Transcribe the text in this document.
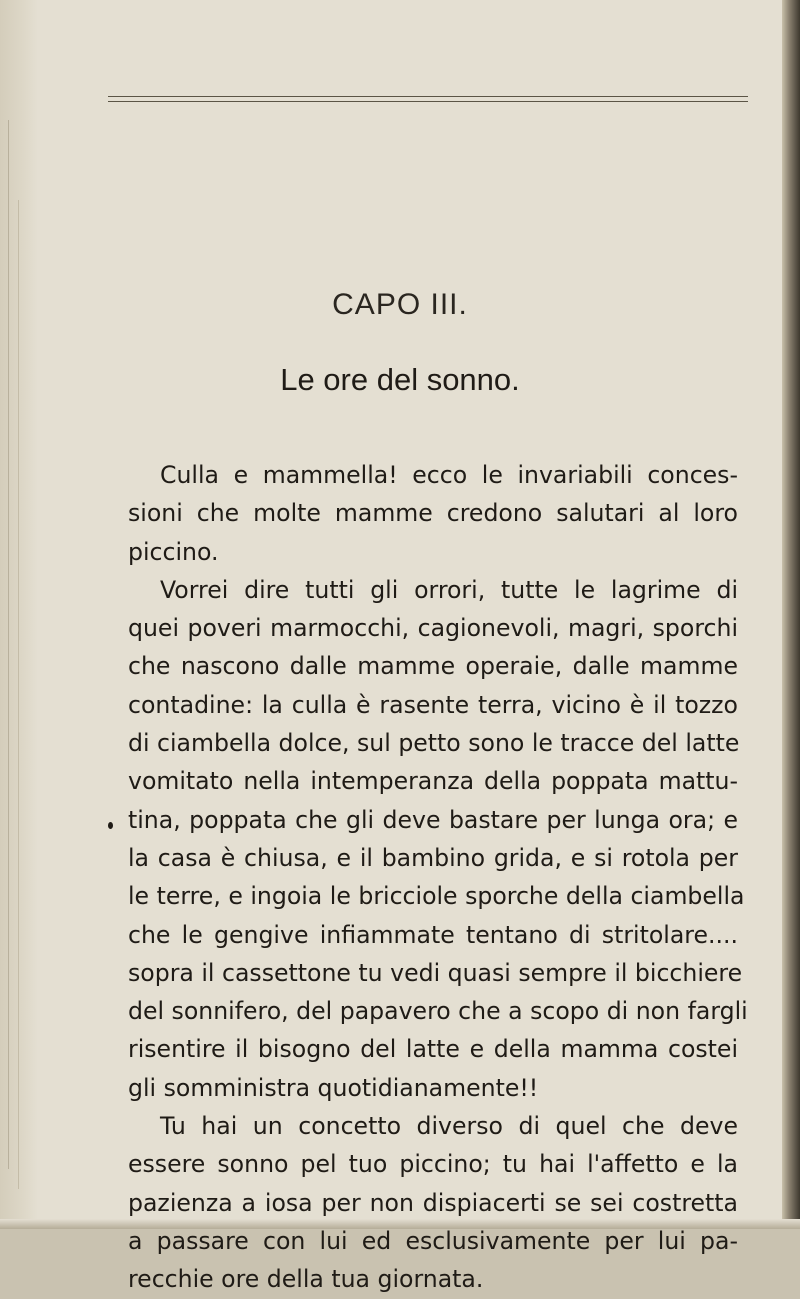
CAPO III.
Le ore del sonno.
Culla e mammella! ecco le invariabili conces-
sioni che molte mamme credono salutari al loro
piccino.
Vorrei dire tutti gli orrori, tutte le lagrime di
quei poveri marmocchi, cagionevoli, magri, sporchi
che nascono dalle mamme operaie, dalle mamme
contadine: la culla è rasente terra, vicino è il tozzo
di ciambella dolce, sul petto sono le tracce del latte
vomitato nella intemperanza della poppata mattu-
tina, poppata che gli deve bastare per lunga ora; e
la casa è chiusa, e il bambino grida, e si rotola per
le terre, e ingoia le bricciole sporche della ciambella
che le gengive infiammate tentano di stritolare....
sopra il cassettone tu vedi quasi sempre il bicchiere
del sonnifero, del papavero che a scopo di non fargli
risentire il bisogno del latte e della mamma costei
gli somministra quotidianamente!!
Tu hai un concetto diverso di quel che deve
essere sonno pel tuo piccino; tu hai l'affetto e la
pazienza a iosa per non dispiacerti se sei costretta
a passare con lui ed esclusivamente per lui pa-
recchie ore della tua giornata.
